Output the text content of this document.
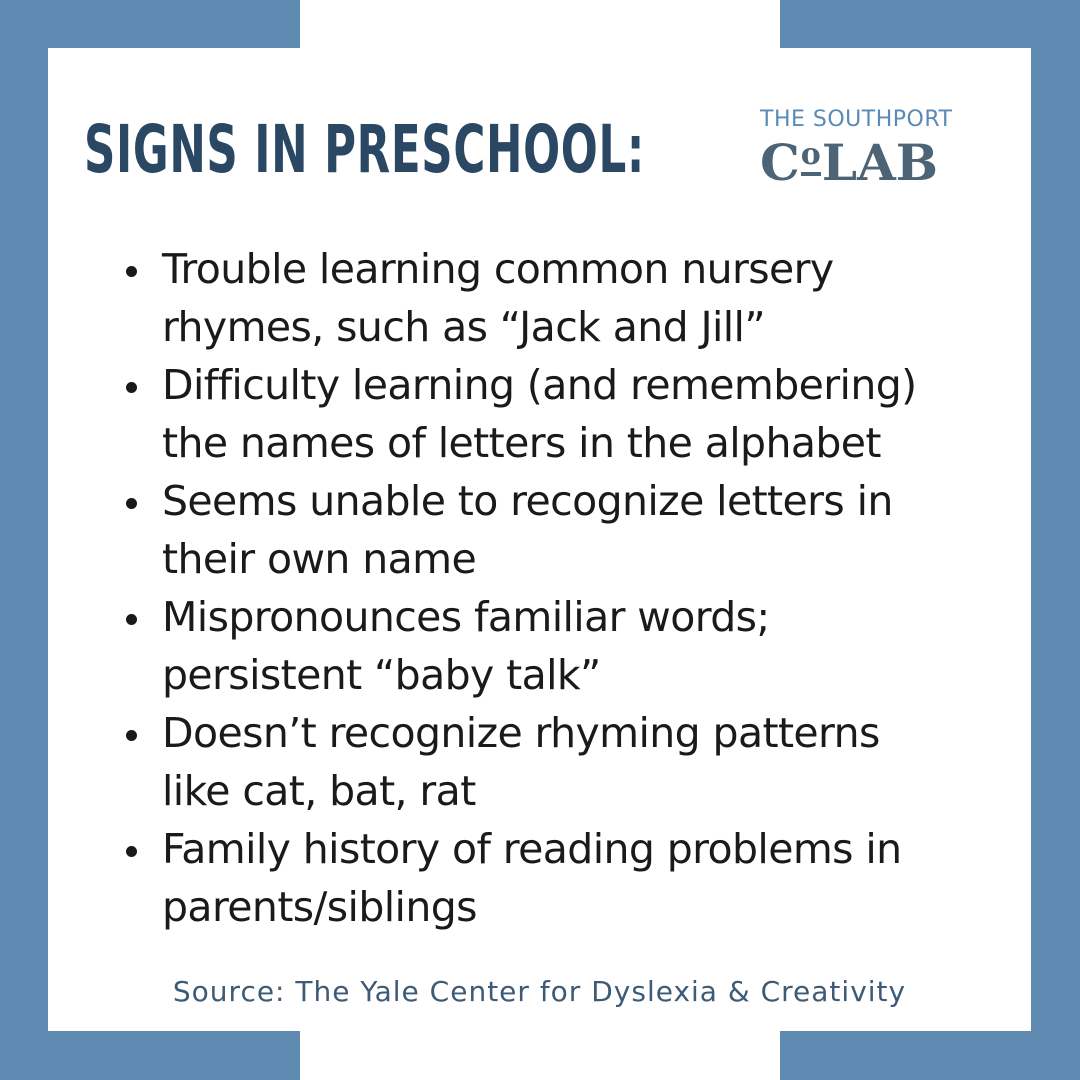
SIGNS IN PRESCHOOL:	THE SOUTHPORT
CoLAB
Trouble learning common nursery
rhymes, such as “Jack and Jill”
Difficulty learning (and remembering)
the names of letters in the alphabet
Seems unable to recognize letters in
their own name
Mispronounces familiar words;
persistent “baby talk”
Doesn’t recognize rhyming patterns
like cat, bat, rat
Family history of reading problems in
parents/siblings
Source: The Yale Center for Dyslexia & Creativity
